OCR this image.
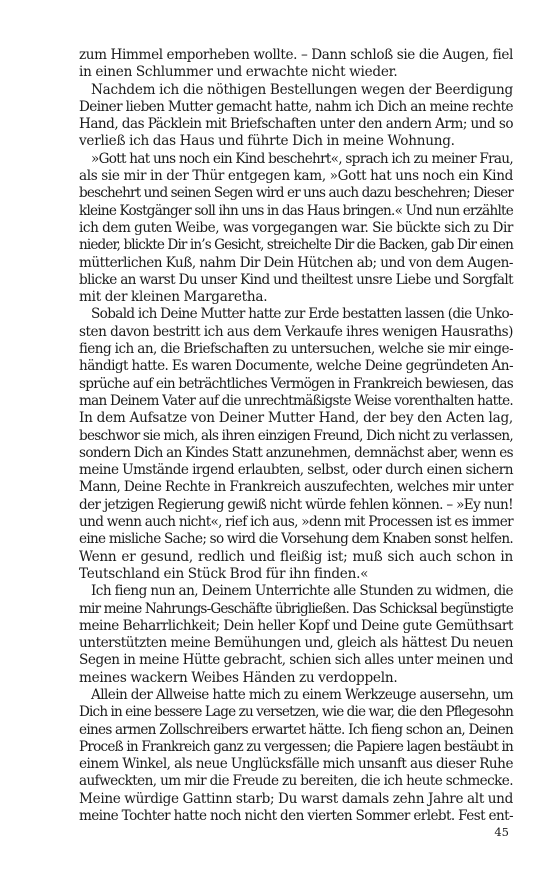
zum Himmel emporheben wollte. – Dann schloß sie die Augen, fiel
in einen Schlummer und erwachte nicht wieder.
Nachdem ich die nöthigen Bestellungen wegen der Beerdigung
Deiner lieben Mutter gemacht hatte, nahm ich Dich an meine rechte
Hand, das Päcklein mit Briefschaften unter den andern Arm; und so
verließ ich das Haus und führte Dich in meine Wohnung.
»Gott hat uns noch ein Kind beschehrt«, sprach ich zu meiner Frau,
als sie mir in der Thür entgegen kam, »Gott hat uns noch ein Kind
beschehrt und seinen Segen wird er uns auch dazu beschehren; Dieser
kleine Kostgänger soll ihn uns in das Haus bringen.« Und nun erzählte
ich dem guten Weibe, was vorgegangen war. Sie bückte sich zu Dir
nieder, blickte Dir in’s Gesicht, streichelte Dir die Backen, gab Dir einen
mütterlichen Kuß, nahm Dir Dein Hütchen ab; und von dem Augen-
blicke an warst Du unser Kind und theiltest unsre Liebe und Sorgfalt
mit der kleinen Margaretha.
Sobald ich Deine Mutter hatte zur Erde bestatten lassen (die Unko-
sten davon bestritt ich aus dem Verkaufe ihres wenigen Hausraths)
fieng ich an, die Briefschaften zu untersuchen, welche sie mir einge-
händigt hatte. Es waren Documente, welche Deine gegründeten An-
sprüche auf ein beträchtliches Vermögen in Frankreich bewiesen, das
man Deinem Vater auf die unrechtmäßigste Weise vorenthalten hatte.
In dem Aufsatze von Deiner Mutter Hand, der bey den Acten lag,
beschwor sie mich, als ihren einzigen Freund, Dich nicht zu verlassen,
sondern Dich an Kindes Statt anzunehmen, demnächst aber, wenn es
meine Umstände irgend erlaubten, selbst, oder durch einen sichern
Mann, Deine Rechte in Frankreich auszufechten, welches mir unter
der jetzigen Regierung gewiß nicht würde fehlen können. – »Ey nun!
und wenn auch nicht«, rief ich aus, »denn mit Processen ist es immer
eine misliche Sache; so wird die Vorsehung dem Knaben sonst helfen.
Wenn er gesund, redlich und fleißig ist; muß sich auch schon in
Teutschland ein Stück Brod für ihn finden.«
Ich fieng nun an, Deinem Unterrichte alle Stunden zu widmen, die
mir meine Nahrungs-Geschäfte übrigließen. Das Schicksal begünstigte
meine Beharrlichkeit; Dein heller Kopf und Deine gute Gemüthsart
unterstützten meine Bemühungen und, gleich als hättest Du neuen
Segen in meine Hütte gebracht, schien sich alles unter meinen und
meines wackern Weibes Händen zu verdoppeln.
Allein der Allweise hatte mich zu einem Werkzeuge ausersehn, um
Dich in eine bessere Lage zu versetzen, wie die war, die den Pflegesohn
eines armen Zollschreibers erwartet hätte. Ich fieng schon an, Deinen
Proceß in Frankreich ganz zu vergessen; die Papiere lagen bestäubt in
einem Winkel, als neue Unglücksfälle mich unsanft aus dieser Ruhe
aufweckten, um mir die Freude zu bereiten, die ich heute schmecke.
Meine würdige Gattinn starb; Du warst damals zehn Jahre alt und
meine Tochter hatte noch nicht den vierten Sommer erlebt. Fest ent-
45
